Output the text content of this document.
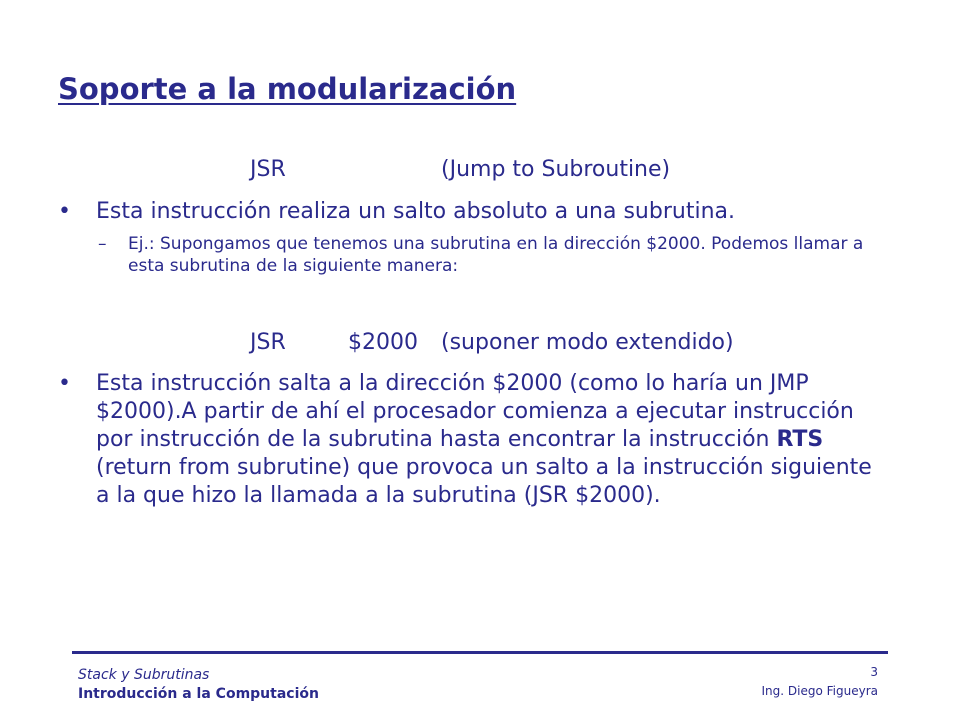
Soporte a la modularización
JSR	(Jump to Subroutine)
• Esta instrucción realiza un salto absoluto a una subrutina.
– Ej.: Supongamos que tenemos una subrutina en la dirección $2000. Podemos llamar a esta subrutina de la siguiente manera:
JSR	$2000 (suponer modo extendido)
• Esta instrucción salta a la dirección $2000 (como lo haría un JMP $2000).A partir de ahí el procesador comienza a ejecutar instrucción por instrucción de la subrutina hasta encontrar la instrucción RTS (return from subrutine) que provoca un salto a la instrucción siguiente a la que hizo la llamada a la subrutina (JSR $2000).
Stack y Subrutinas
Introducción a la Computación
3
Ing. Diego Figueyra
